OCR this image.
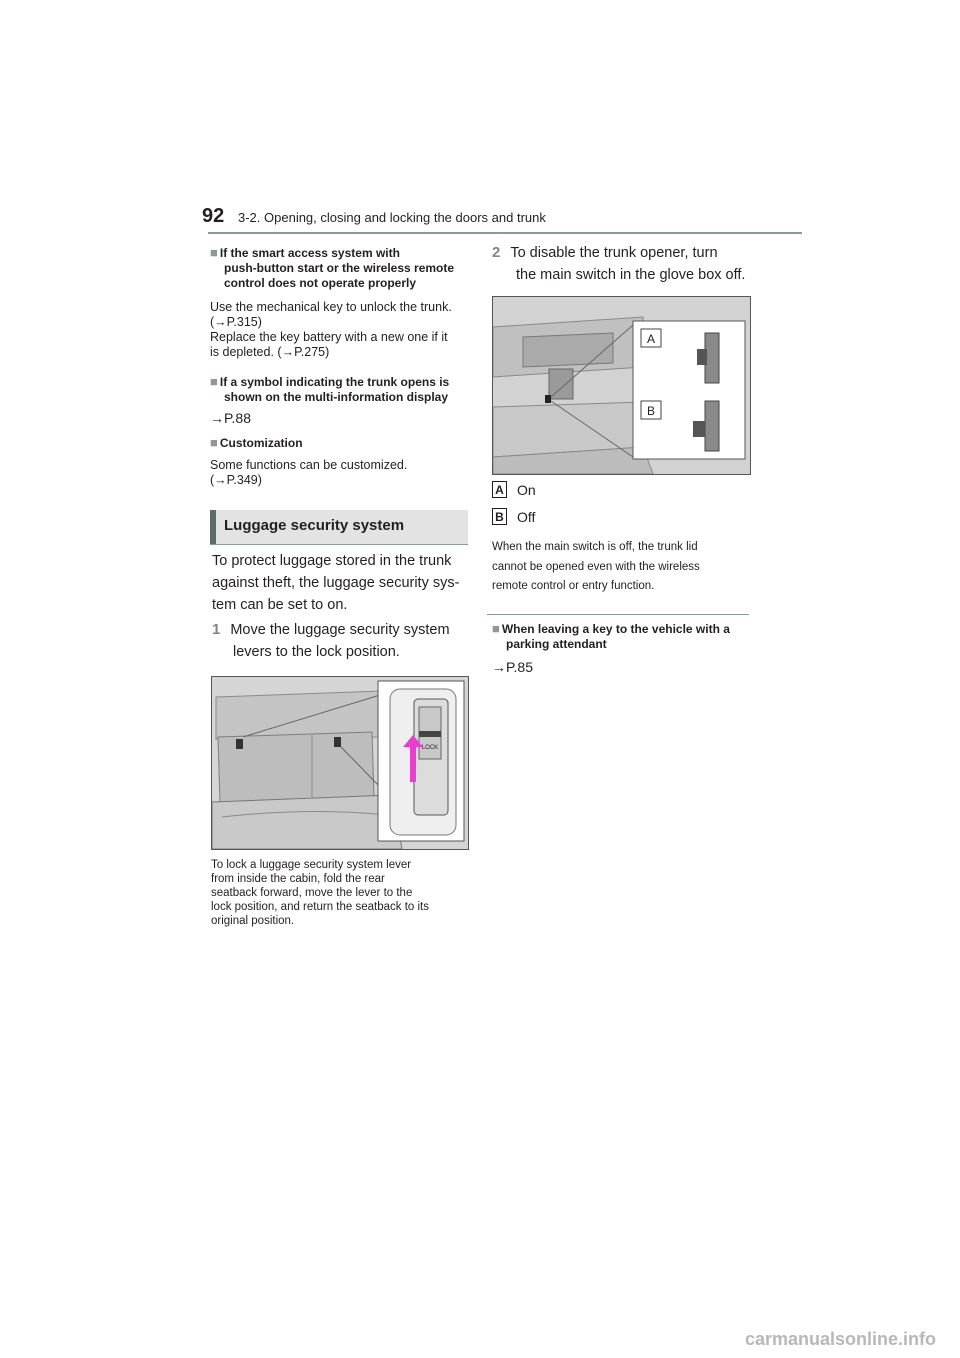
92 3-2. Opening, closing and locking the doors and trunk
■ If the smart access system with
push-button start or the wireless remote
control does not operate properly
Use the mechanical key to unlock the trunk.
(→P.315)
Replace the key battery with a new one if it
is depleted. (→P.275)
■ If a symbol indicating the trunk opens is
shown on the multi-information display
→P.88
■ Customization
Some functions can be customized.
(→P.349)
Luggage security system
To protect luggage stored in the trunk
against theft, the luggage security sys-
tem can be set to on.
1 Move the luggage security system
levers to the lock position.
LOCK
To lock a luggage security system lever
from inside the cabin, fold the rear
seatback forward, move the lever to the
lock position, and return the seatback to its
original position.
2 To disable the trunk opener, turn
the main switch in the glove box off.
A
B
A On
B Off
When the main switch is off, the trunk lid
cannot be opened even with the wireless
remote control or entry function.
■ When leaving a key to the vehicle with a
parking attendant
→P.85
carmanualsonline.info
